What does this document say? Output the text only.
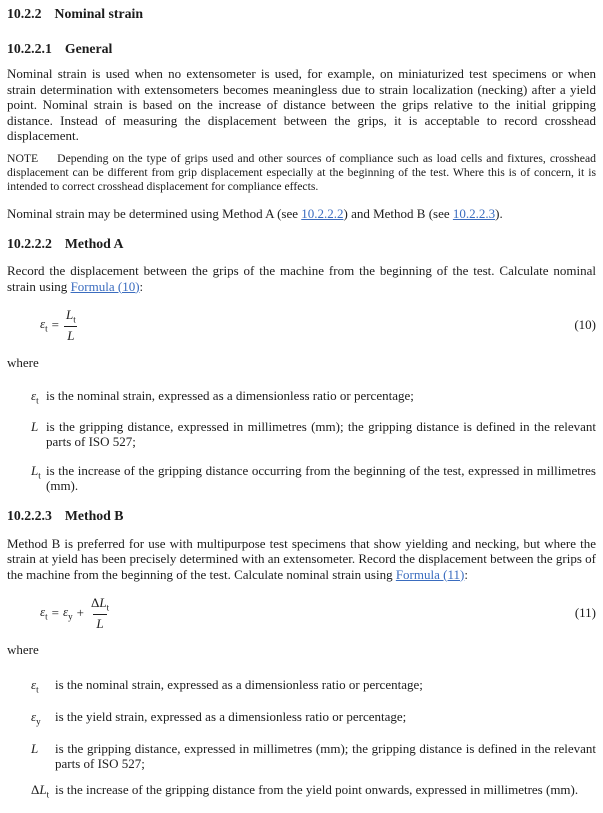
10.2.2 Nominal strain
10.2.2.1 General

Nominal strain is used when no extensometer is used, for example, on miniaturized test specimens or when strain determination with extensometers becomes meaningless due to strain localization (necking) after a yield point. Nominal strain is based on the increase of distance between the grips relative to the initial gripping distance. Instead of measuring the displacement between the grips, it is acceptable to record crosshead displacement.

NOTE Depending on the type of grips used and other sources of compliance such as load cells and fixtures, crosshead displacement can be different from grip displacement especially at the beginning of the test. Where this is of concern, it is intended to correct crosshead displacement for compliance effects.

Nominal strain may be determined using Method A (see 10.2.2.2) and Method B (see 10.2.2.3).

10.2.2.2 Method A

Record the displacement between the grips of the machine from the beginning of the test. Calculate nominal strain using Formula (10):

$\varepsilon_t = \frac{L_t}{L}$	(10)
where
$\varepsilon_t$ is the nominal strain, expressed as a dimensionless ratio or percentage;
L is the gripping distance, expressed in millimetres (mm); the gripping distance is defined in the relevant parts of ISO 527;
$L_t$ is the increase of the gripping distance occurring from the beginning of the test, expressed in millimetres (mm).
10.2.2.3 Method B

Method B is preferred for use with multipurpose test specimens that show yielding and necking, but where the strain at yield has been precisely determined with an extensometer. Record the displacement between the grips of the machine from the beginning of the test. Calculate nominal strain using Formula (11):

$\varepsilon_t = \varepsilon_y + \frac{\Delta L_t}{L}$	(11)
where
$\varepsilon_t$	is the nominal strain, expressed as a dimensionless ratio or percentage;
$\varepsilon_y$	is the yield strain, expressed as a dimensionless ratio or percentage;
L	is the gripping distance, expressed in millimetres (mm); the gripping distance is defined in the relevant parts of ISO 527;
$\Delta L_t$ is the increase of the gripping distance from the yield point onwards, expressed in millimetres (mm).
